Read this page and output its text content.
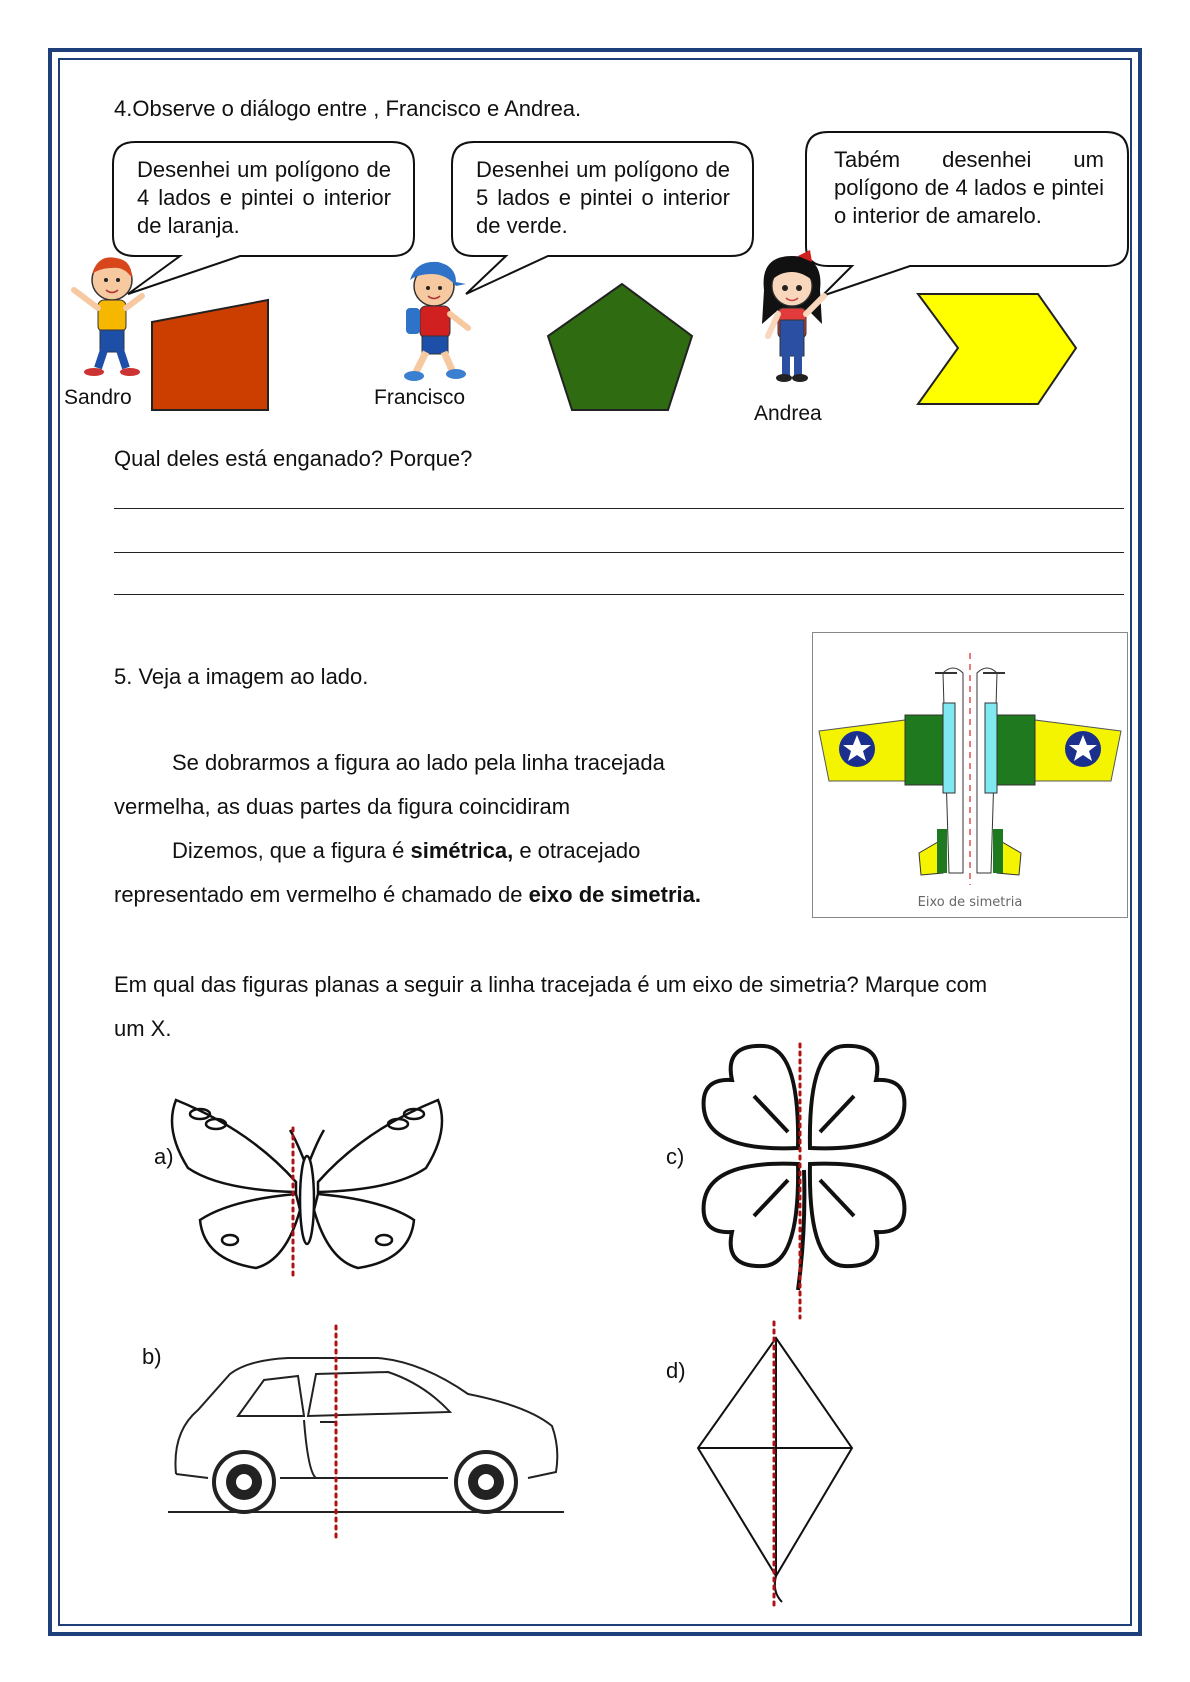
4.Observe o diálogo entre , Francisco e Andrea.
Desenhei um polígono de 4 lados e pintei o interior de laranja.
Desenhei um polígono de 5 lados e pintei o interior de verde.
Tabém desenhei um polígono de 4 lados e pintei o interior de amarelo.
Sandro	Francisco
Andrea
Qual deles está enganado? Porque?
5. Veja a imagem ao lado.
Se dobrarmos a figura ao lado pela linha tracejada
vermelha, as duas partes da figura coincidiram
Dizemos, que a figura é simétrica, e otracejado
representado em vermelho é chamado de eixo de simetria.	Eixo de simetria
Em qual das figuras planas a seguir a linha tracejada é um eixo de simetria? Marque com
um X.
a)	c)
b)
d)
